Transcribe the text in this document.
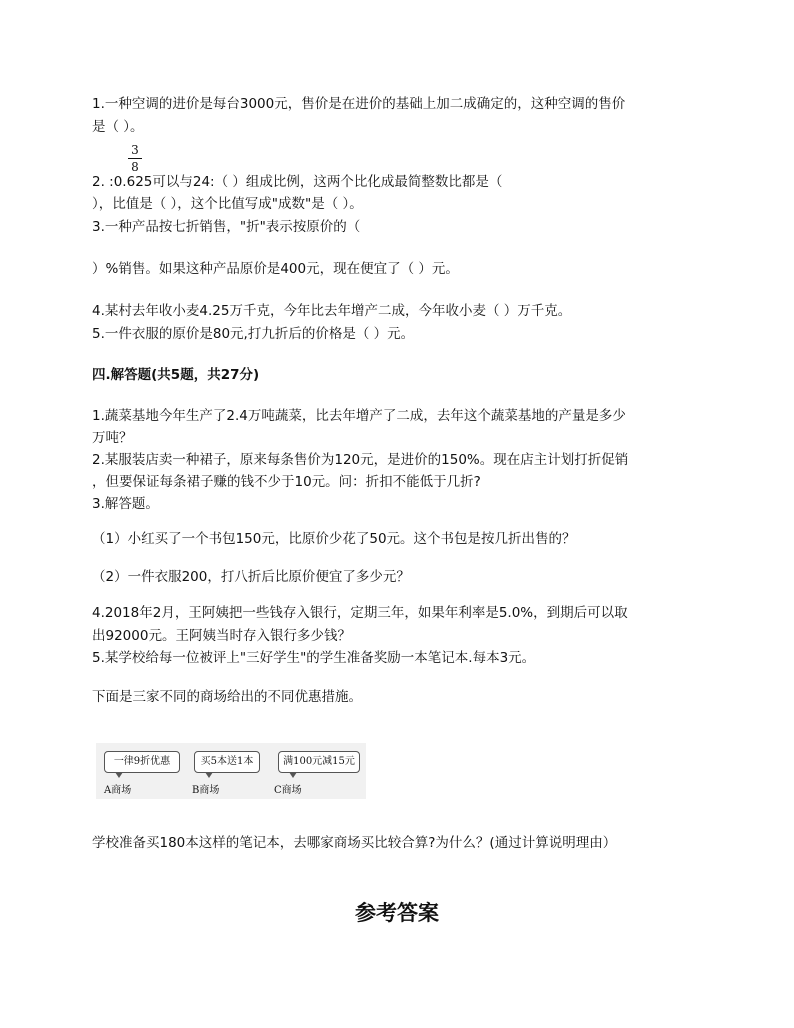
1.一种空调的进价是每台3000元，售价是在进价的基础上加二成确定的，这种空调的售价
是（ ）。
3
8
2. :0.625可以与24:（ ）组成比例，这两个比化成最简整数比都是（
），比值是（ ），这个比值写成"成数"是（ ）。
3.一种产品按七折销售，"折"表示按原价的（
）%销售。如果这种产品原价是400元，现在便宜了（ ）元。
4.某村去年收小麦4.25万千克，今年比去年增产二成，今年收小麦（ ）万千克。
5.一件衣服的原价是80元,打九折后的价格是（ ）元。
四.解答题(共5题，共27分)
1.蔬菜基地今年生产了2.4万吨蔬菜，比去年增产了二成，去年这个蔬菜基地的产量是多少
万吨？
2.某服装店卖一种裙子，原来每条售价为120元，是进价的150%。现在店主计划打折促销
，但要保证每条裙子赚的钱不少于10元。问：折扣不能低于几折?
3.解答题。
（1）小红买了一个书包150元，比原价少花了50元。这个书包是按几折出售的？
（2）一件衣服200，打八折后比原价便宜了多少元？
4.2018年2月，王阿姨把一些钱存入银行，定期三年，如果年利率是5.0%，到期后可以取
出92000元。王阿姨当时存入银行多少钱？
5.某学校给每一位被评上"三好学生"的学生准备奖励一本笔记本.每本3元。
下面是三家不同的商场给出的不同优惠措施。
一律9折优惠	买5本送1本	满100元减15元
A商场	B商场	C商场
学校准备买180本这样的笔记本，去哪家商场买比较合算?为什么？(通过计算说明理由）
参考答案
